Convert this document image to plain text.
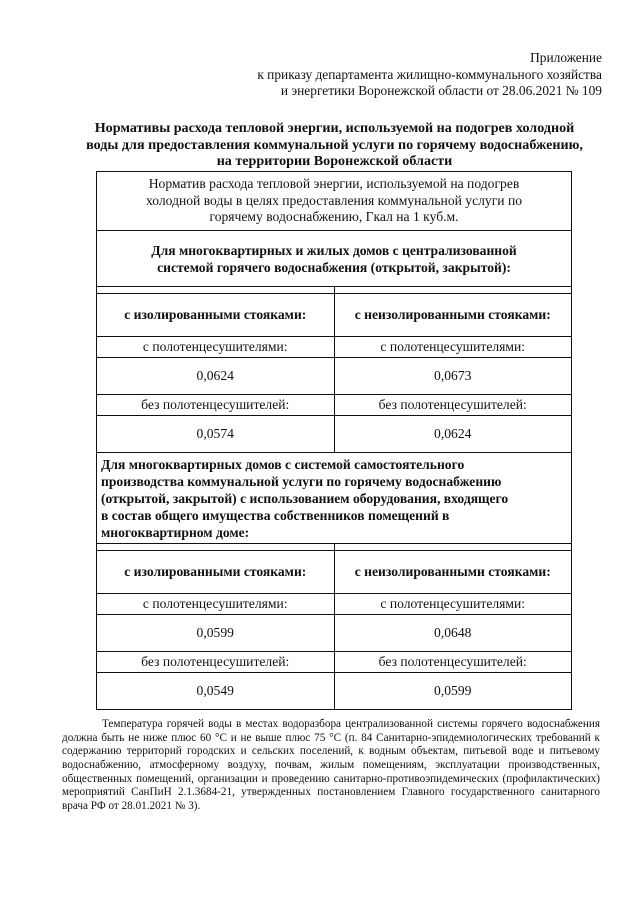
Приложение
к приказу департамента жилищно-коммунального хозяйства
и энергетики Воронежской области от 28.06.2021 № 109
Нормативы расхода тепловой энергии, используемой на подогрев холодной
воды для предоставления коммунальной услуги по горячему водоснабжению,
на территории Воронежской области
Норматив расхода тепловой энергии, используемой на подогрев
холодной воды в целях предоставления коммунальной услуги по
горячему водоснабжению, Гкал на 1 куб.м.	

Для многоквартирных и жилых домов с централизованной
системой горячего водоснабжения (открытой, закрытой):	

с изолированными стояками:	с неизолированными стояками:
с полотенцесушителями:	с полотенцесушителями:
0,0624	0,0673
без полотенцесушителей:	без полотенцесушителей:
0,0574	0,0624

Для многоквартирных домов с системой самостоятельного
производства коммунальной услуги по горячему водоснабжению
(открытой, закрытой) с использованием оборудования, входящего
в состав общего имущества собственников помещений в
многоквартирном доме:	

с изолированными стояками:	с неизолированными стояками:
с полотенцесушителями:	с полотенцесушителями:
0,0599	0,0648
без полотенцесушителей:	без полотенцесушителей:
0,0549	0,0599

Температура горячей воды в местах водоразбора централизованной системы горячего водоснабжения должна быть не ниже плюс 60 °С и не выше плюс 75 °С (п. 84 Санитарно-эпидемиологических требований к содержанию территорий городских и сельских поселений, к водным объектам, питьевой воде и питьевому водоснабжению, атмосферному воздуху, почвам, жилым помещениям, эксплуатации производственных, общественных помещений, организации и проведению санитарно-противоэпидемических (профилактических) мероприятий СанПиН 2.1.3684-21, утвержденных постановлением Главного государственного санитарного врача РФ от 28.01.2021 № 3).
